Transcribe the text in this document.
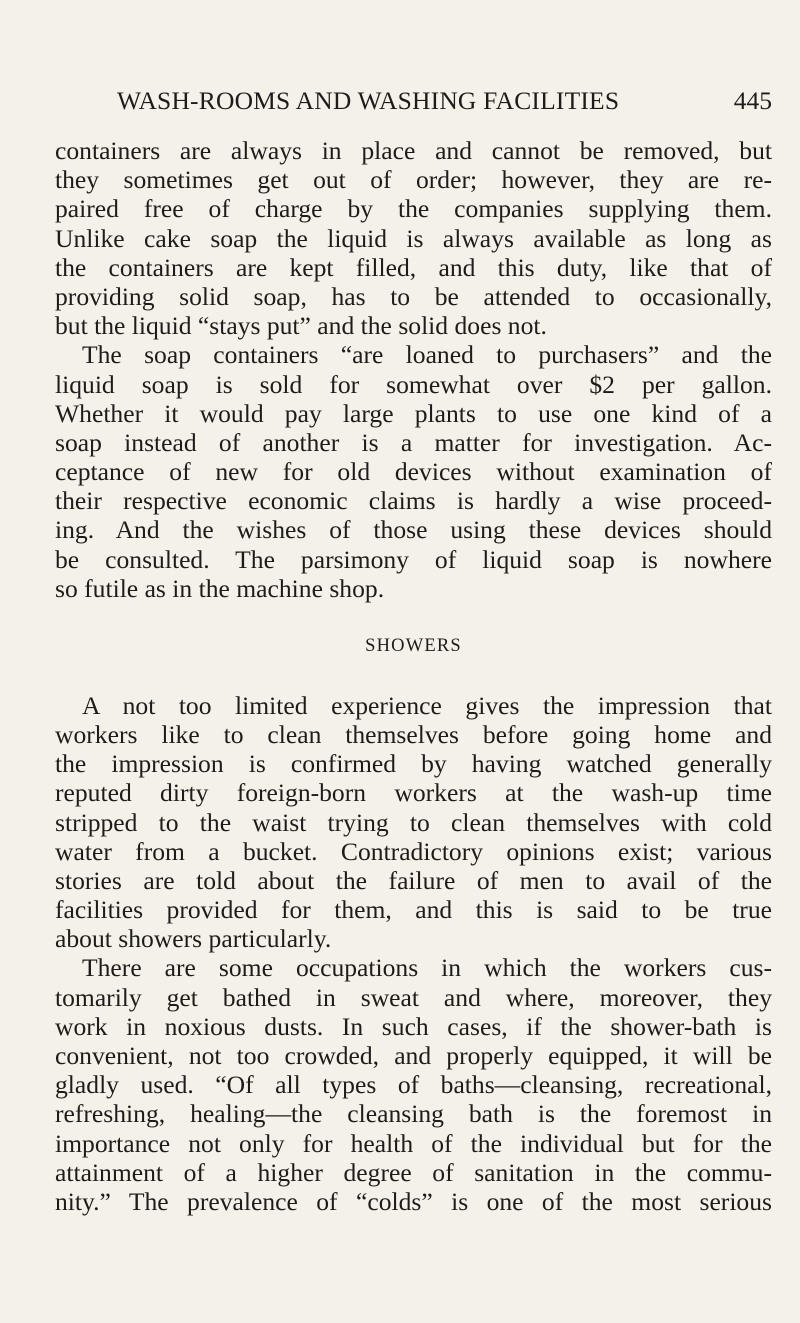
WASH-ROOMS AND WASHING FACILITIES	445
containers are always in place and cannot be removed, but
they sometimes get out of order; however, they are re-
paired free of charge by the companies supplying them.
Unlike cake soap the liquid is always available as long as
the containers are kept filled, and this duty, like that of
providing solid soap, has to be attended to occasionally,
but the liquid “stays put” and the solid does not.
The soap containers “are loaned to purchasers” and the
liquid soap is sold for somewhat over $2 per gallon.
Whether it would pay large plants to use one kind of a
soap instead of another is a matter for investigation. Ac-
ceptance of new for old devices without examination of
their respective economic claims is hardly a wise proceed-
ing. And the wishes of those using these devices should
be consulted. The parsimony of liquid soap is nowhere
so futile as in the machine shop.
SHOWERS
A not too limited experience gives the impression that
workers like to clean themselves before going home and
the impression is confirmed by having watched generally
reputed dirty foreign-born workers at the wash-up time
stripped to the waist trying to clean themselves with cold
water from a bucket. Contradictory opinions exist; various
stories are told about the failure of men to avail of the
facilities provided for them, and this is said to be true
about showers particularly.
There are some occupations in which the workers cus-
tomarily get bathed in sweat and where, moreover, they
work in noxious dusts. In such cases, if the shower-bath is
convenient, not too crowded, and properly equipped, it will be
gladly used. “Of all types of baths—cleansing, recreational,
refreshing, healing—the cleansing bath is the foremost in
importance not only for health of the individual but for the
attainment of a higher degree of sanitation in the commu-
nity.” The prevalence of “colds” is one of the most serious
